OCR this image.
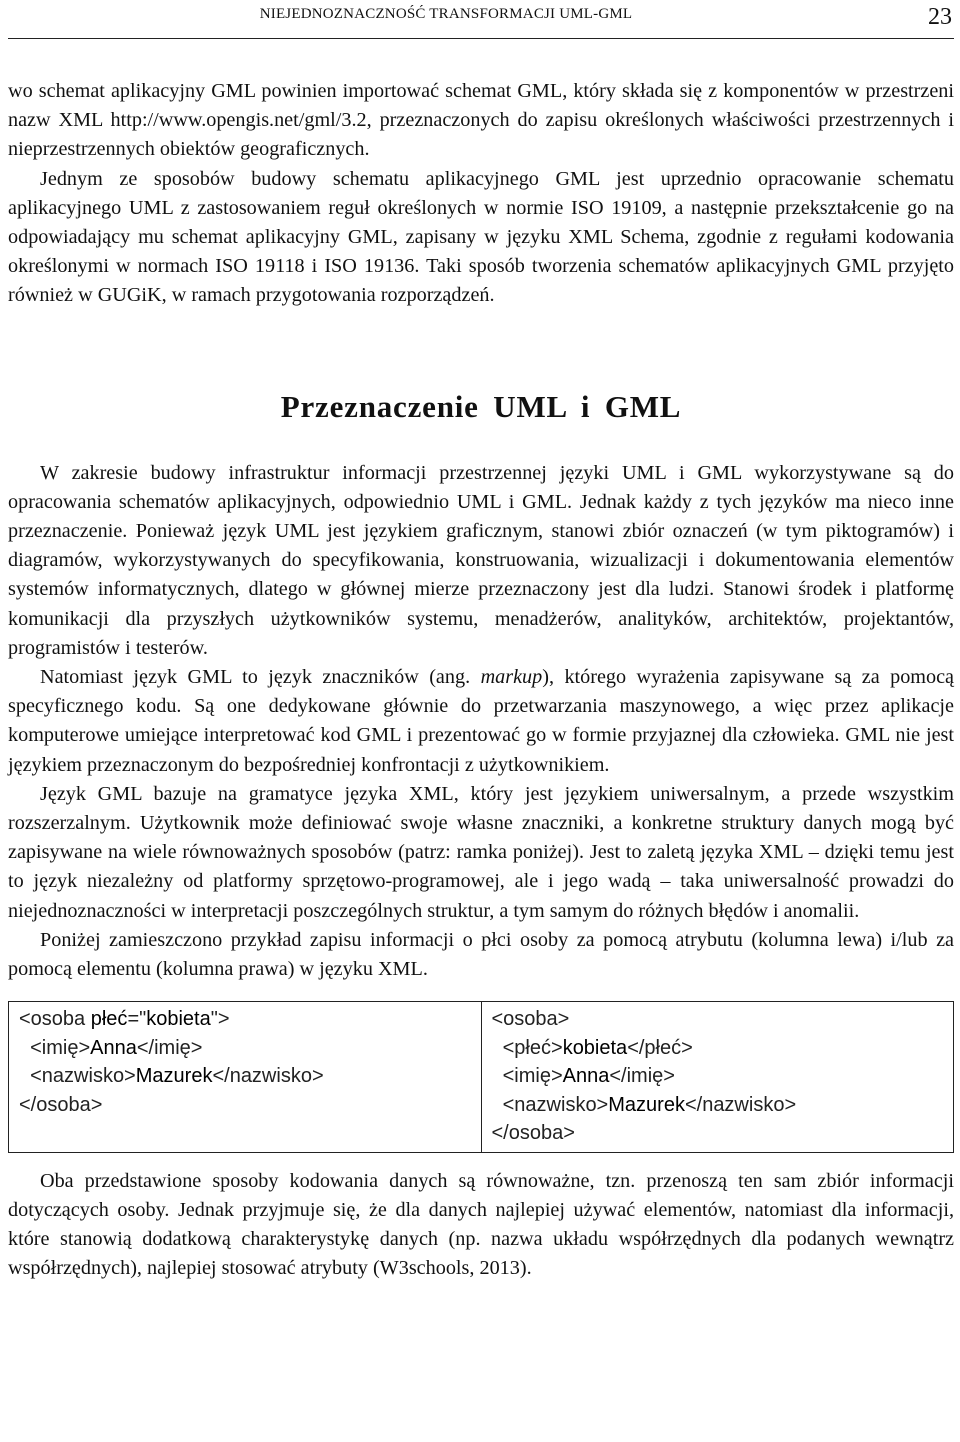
NIEJEDNOZNACZNOŚĆ TRANSFORMACJI UML-GML	23

wo schemat aplikacyjny GML powinien importować schemat GML, który składa się z komponentów w przestrzeni nazw XML http://www.opengis.net/gml/3.2, przeznaczonych do zapisu określonych właściwości przestrzennych i nieprzestrzennych obiektów geograficznych.

Jednym ze sposobów budowy schematu aplikacyjnego GML jest uprzednio opracowanie schematu aplikacyjnego UML z zastosowaniem reguł określonych w normie ISO 19109, a następnie przekształcenie go na odpowiadający mu schemat aplikacyjny GML, zapisany w języku XML Schema, zgodnie z regułami kodowania określonymi w normach ISO 19118 i ISO 19136. Taki sposób tworzenia schematów aplikacyjnych GML przyjęto również w GUGiK, w ramach przygotowania rozporządzeń.

Przeznaczenie UML i GML

W zakresie budowy infrastruktur informacji przestrzennej języki UML i GML wykorzystywane są do opracowania schematów aplikacyjnych, odpowiednio UML i GML. Jednak każdy z tych języków ma nieco inne przeznaczenie. Ponieważ język UML jest językiem graficznym, stanowi zbiór oznaczeń (w tym piktogramów) i diagramów, wykorzystywanych do specyfikowania, konstruowania, wizualizacji i dokumentowania elementów systemów informatycznych, dlatego w głównej mierze przeznaczony jest dla ludzi. Stanowi środek i platformę komunikacji dla przyszłych użytkowników systemu, menadżerów, analityków, architektów, projektantów, programistów i testerów.

Natomiast język GML to język znaczników (ang. markup), którego wyrażenia zapisywane są za pomocą specyficznego kodu. Są one dedykowane głównie do przetwarzania maszynowego, a więc przez aplikacje komputerowe umiejące interpretować kod GML i prezentować go w formie przyjaznej dla człowieka. GML nie jest językiem przeznaczonym do bezpośredniej konfrontacji z użytkownikiem.

Język GML bazuje na gramatyce języka XML, który jest językiem uniwersalnym, a przede wszystkim rozszerzalnym. Użytkownik może definiować swoje własne znaczniki, a konkretne struktury danych mogą być zapisywane na wiele równoważnych sposobów (patrz: ramka poniżej). Jest to zaletą języka XML – dzięki temu jest to język niezależny od platformy sprzętowo-programowej, ale i jego wadą – taka uniwersalność prowadzi do niejednoznaczności w interpretacji poszczególnych struktur, a tym samym do różnych błędów i anomalii.

Poniżej zamieszczono przykład zapisu informacji o płci osoby za pomocą atrybutu (kolumna lewa) i/lub za pomocą elementu (kolumna prawa) w języku XML.

<osoba płeć="kobieta">
<imię>Anna</imię>
<nazwisko>Mazurek</nazwisko>
</osoba>

<osoba>
<płeć>kobieta</płeć>
<imię>Anna</imię>
<nazwisko>Mazurek</nazwisko>
</osoba>

Oba przedstawione sposoby kodowania danych są równoważne, tzn. przenoszą ten sam zbiór informacji dotyczących osoby. Jednak przyjmuje się, że dla danych najlepiej używać elementów, natomiast dla informacji, które stanowią dodatkową charakterystykę danych (np. nazwa układu współrzędnych dla podanych wewnątrz współrzędnych), najlepiej stosować atrybuty (W3schools, 2013).
